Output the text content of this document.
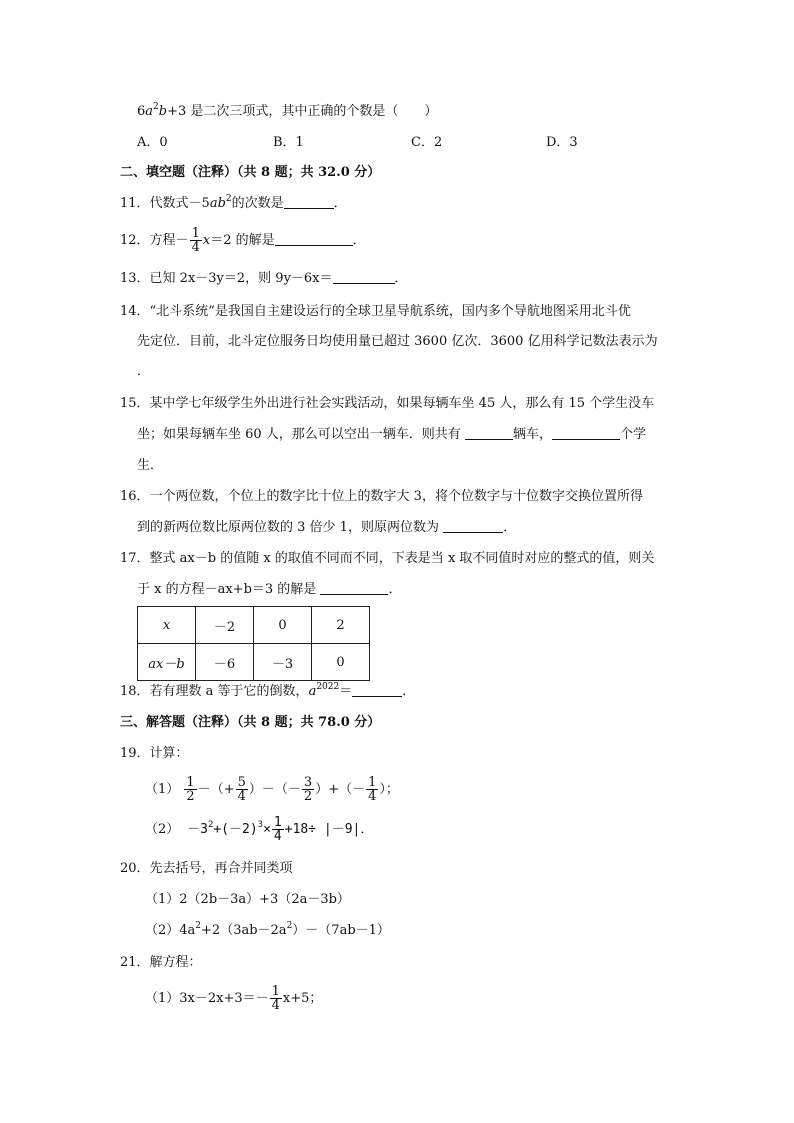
$6a^2b+3$ 是二次三项式，其中正确的个数是（　　）
A．0	B．1	C．2	D．3
二、填空题（注释）（共 8 题；共 32.0 分）
11．代数式$-5ab^2$的次数是	．
12．方程－ $\frac{1}{4} x=2$ 的解是	．
13．已知 2x－3y＝2，则 9y－6x＝	．
14．“北斗系统”是我国自主建设运行的全球卫星导航系统，国内多个导航地图采用北斗优
先定位．目前，北斗定位服务日均使用量已超过 3600 亿次．3600 亿用科学记数法表示为
．
15．某中学七年级学生外出进行社会实践活动，如果每辆车坐 45 人，那么有 15 个学生没车
坐；如果每辆车坐 60 人，那么可以空出一辆车．则共有	辆车，	个学
生．
16．一个两位数，个位上的数字比十位上的数字大 3，将个位数字与十位数字交换位置所得
到的新两位数比原两位数的 3 倍少 1，则原两位数为	．
17．整式 ax－b 的值随 x 的取值不同而不同，下表是当 x 取不同值时对应的整式的值，则关
于 x 的方程－ax+b＝3 的解是	．
x	－2	0	2
ax－b	－6	－3	0
18．若有理数 a 等于它的倒数，$a^{2022}=$	．
三、解答题（注释）（共 8 题；共 78.0 分）
19．计算：
$(1) \frac{1}{2}$ －（+ $\frac{5}{4}$ ）－（－ $\frac{3}{2}$ ）+（－ $\frac{1}{4}$ ）；
$(2) -3^2+(-2)^3\times \frac{1}{4} +18\div |-9|$．
20．先去括号，再合并同类项
（1）2（2b－3a）+3（2a－3b）
$(2)4a^2+2(3ab-2a^2)-(7ab-1)$
21．解方程：
$(1)3x-2x+3=- \frac{1}{4} x+5$；
